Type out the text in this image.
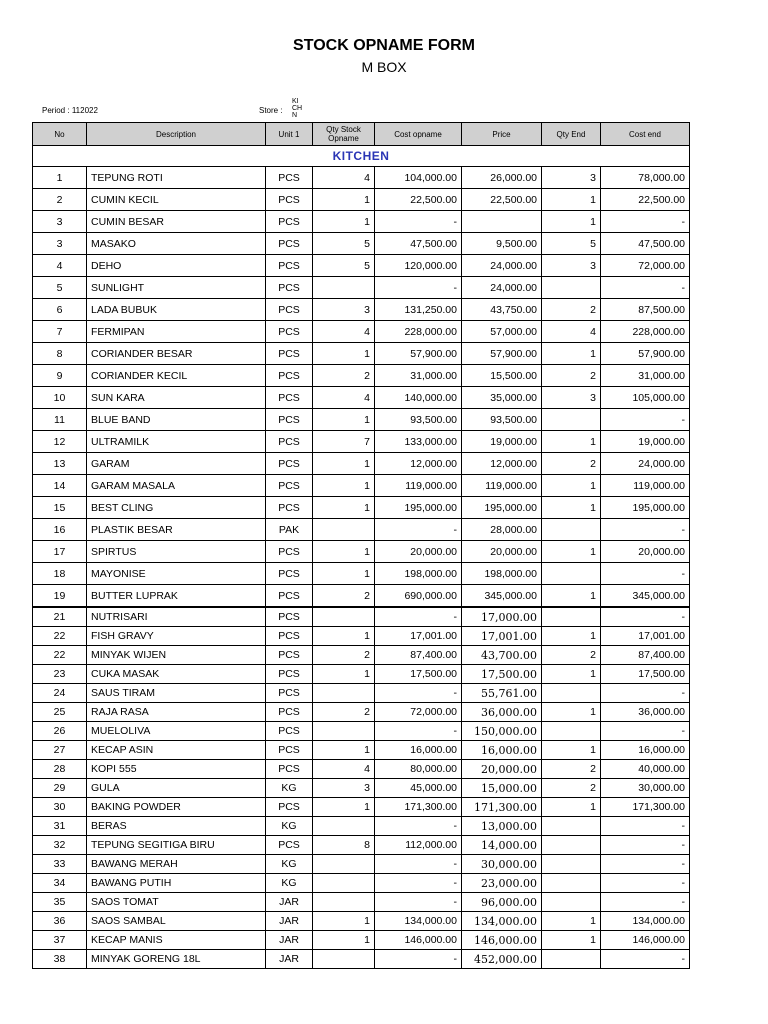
STOCK OPNAME FORM
M BOX
Period : 112022	Store :
KI CH N
No	Description	Unit 1	Qty Stock Opname	Cost opname	Price	Qty End	Cost end
KITCHEN							
1	TEPUNG ROTI	PCS	4	104,000.00	26,000.00	3	78,000.00
2	CUMIN KECIL	PCS	1	22,500.00	22,500.00	1	22,500.00
3	CUMIN BESAR	PCS	1	-		1	-
3	MASAKO	PCS	5	47,500.00	9,500.00	5	47,500.00
4	DEHO	PCS	5	120,000.00	24,000.00	3	72,000.00
5	SUNLIGHT	PCS		-	24,000.00		-
6	LADA BUBUK	PCS	3	131,250.00	43,750.00	2	87,500.00
7	FERMIPAN	PCS	4	228,000.00	57,000.00	4	228,000.00
8	CORIANDER BESAR	PCS	1	57,900.00	57,900.00	1	57,900.00
9	CORIANDER KECIL	PCS	2	31,000.00	15,500.00	2	31,000.00
10	SUN KARA	PCS	4	140,000.00	35,000.00	3	105,000.00
11	BLUE BAND	PCS	1	93,500.00	93,500.00		-
12	ULTRAMILK	PCS	7	133,000.00	19,000.00	1	19,000.00
13	GARAM	PCS	1	12,000.00	12,000.00	2	24,000.00
14	GARAM MASALA	PCS	1	119,000.00	119,000.00	1	119,000.00
15	BEST CLING	PCS	1	195,000.00	195,000.00	1	195,000.00
16	PLASTIK BESAR	PAK		-	28,000.00		-
17	SPIRTUS	PCS	1	20,000.00	20,000.00	1	20,000.00
18	MAYONISE	PCS	1	198,000.00	198,000.00		-
19	BUTTER LUPRAK	PCS	2	690,000.00	345,000.00	1	345,000.00
21	NUTRISARI	PCS		-	17,000.00		-
22	FISH GRAVY	PCS	1	17,001.00	17,001.00	1	17,001.00
22	MINYAK WIJEN	PCS	2	87,400.00	43,700.00	2	87,400.00
23	CUKA MASAK	PCS	1	17,500.00	17,500.00	1	17,500.00
24	SAUS TIRAM	PCS		-	55,761.00		-
25	RAJA RASA	PCS	2	72,000.00	36,000.00	1	36,000.00
26	MUELOLIVA	PCS		-	150,000.00		-
27	KECAP ASIN	PCS	1	16,000.00	16,000.00	1	16,000.00
28	KOPI 555	PCS	4	80,000.00	20,000.00	2	40,000.00
29	GULA	KG	3	45,000.00	15,000.00	2	30,000.00
30	BAKING POWDER	PCS	1	171,300.00	171,300.00	1	171,300.00
31	BERAS	KG		-	13,000.00		-
32	TEPUNG SEGITIGA BIRU	PCS	8	112,000.00	14,000.00		-
33	BAWANG MERAH	KG		-	30,000.00		-
34	BAWANG PUTIH	KG		-	23,000.00		-
35	SAOS TOMAT	JAR		-	96,000.00		-
36	SAOS SAMBAL	JAR	1	134,000.00	134,000.00	1	134,000.00
37	KECAP MANIS	JAR	1	146,000.00	146,000.00	1	146,000.00
38	MINYAK GORENG 18L	JAR		-	452,000.00		-
